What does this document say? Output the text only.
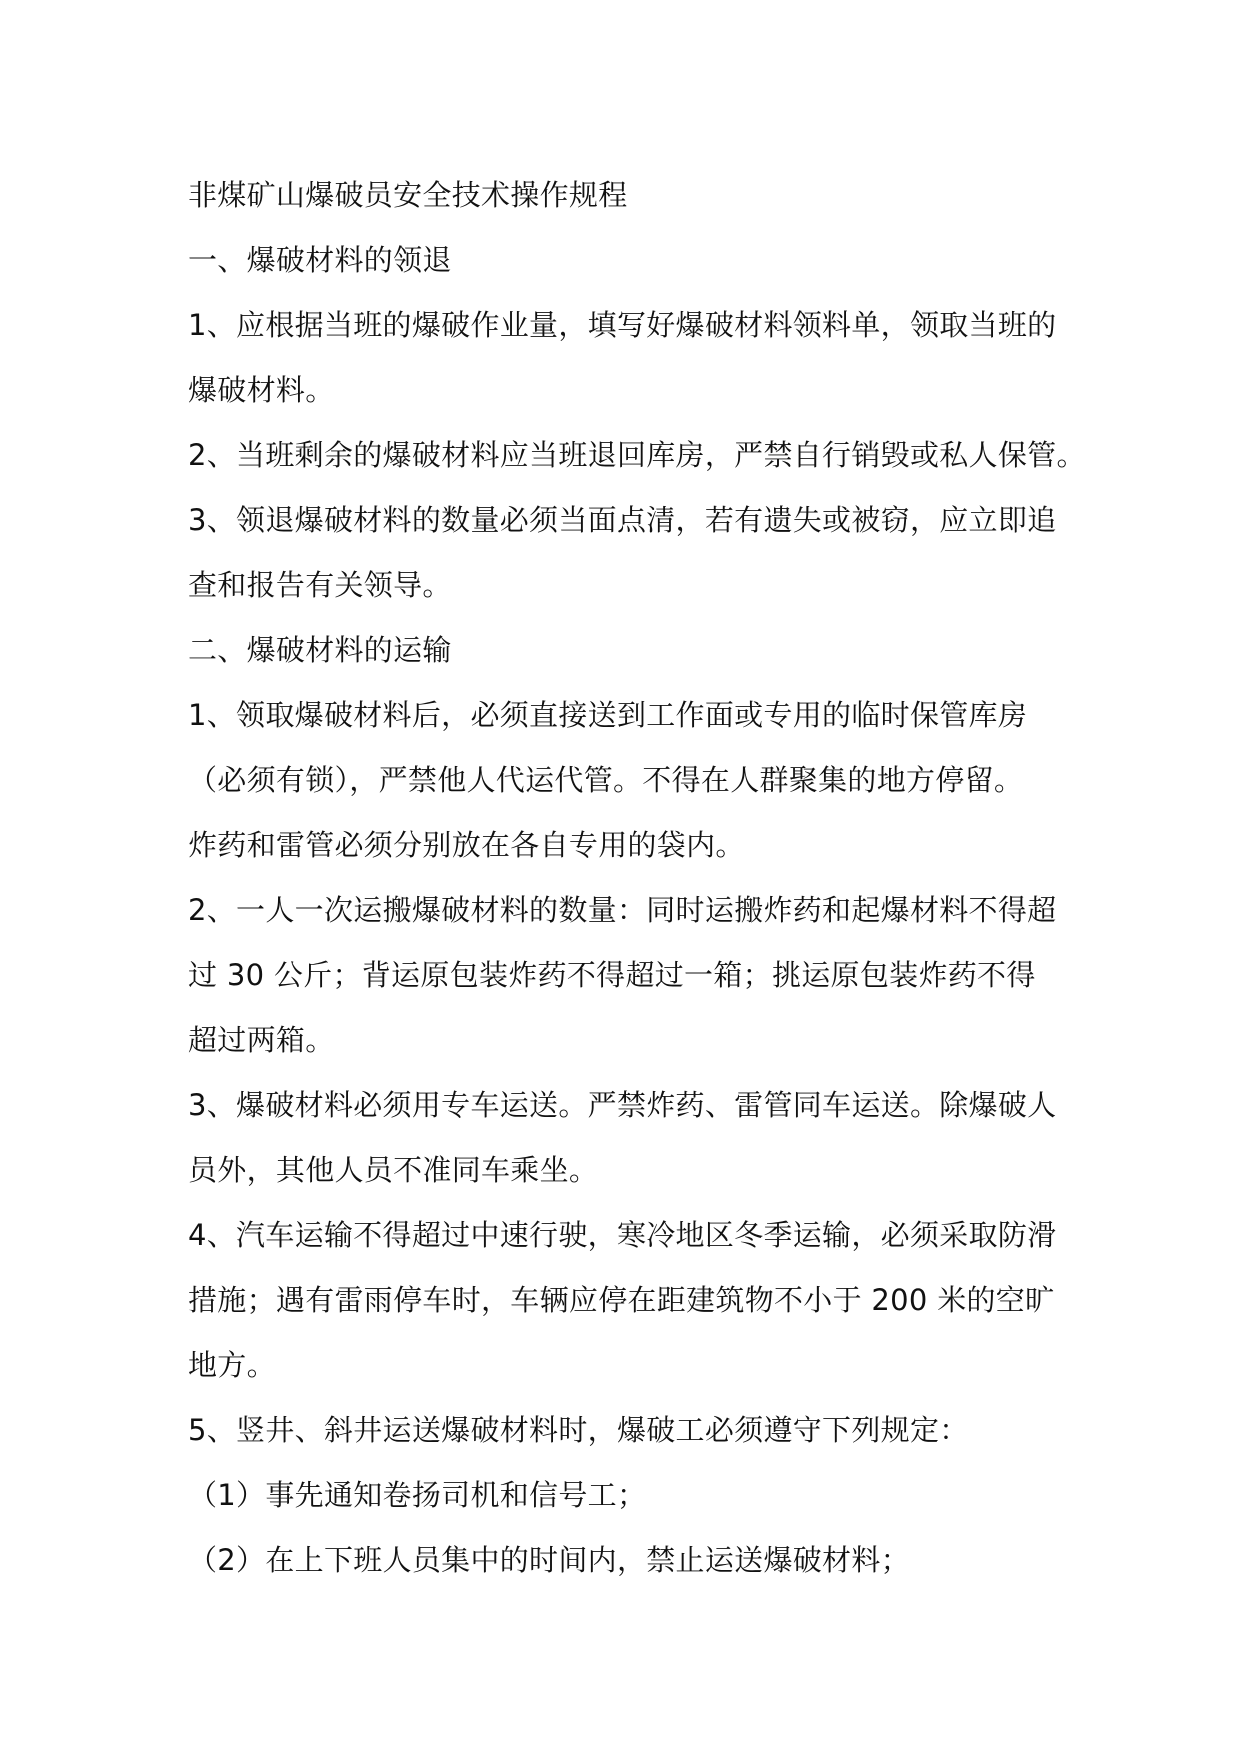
非煤矿山爆破员安全技术操作规程

一、爆破材料的领退

1、应根据当班的爆破作业量，填写好爆破材料领料单，领取当班的

爆破材料。

2、当班剩余的爆破材料应当班退回库房，严禁自行销毁或私人保管。

3、领退爆破材料的数量必须当面点清，若有遗失或被窃，应立即追

查和报告有关领导。

二、爆破材料的运输

1、领取爆破材料后，必须直接送到工作面或专用的临时保管库房

（必须有锁），严禁他人代运代管。不得在人群聚集的地方停留。

炸药和雷管必须分别放在各自专用的袋内。

2、一人一次运搬爆破材料的数量：同时运搬炸药和起爆材料不得超

过 30 公斤；背运原包装炸药不得超过一箱；挑运原包装炸药不得

超过两箱。

3、爆破材料必须用专车运送。严禁炸药、雷管同车运送。除爆破人

员外，其他人员不准同车乘坐。

4、汽车运输不得超过中速行驶，寒冷地区冬季运输，必须采取防滑

措施；遇有雷雨停车时，车辆应停在距建筑物不小于 200 米的空旷

地方。

5、竖井、斜井运送爆破材料时，爆破工必须遵守下列规定：

（1）事先通知卷扬司机和信号工；

（2）在上下班人员集中的时间内，禁止运送爆破材料；
